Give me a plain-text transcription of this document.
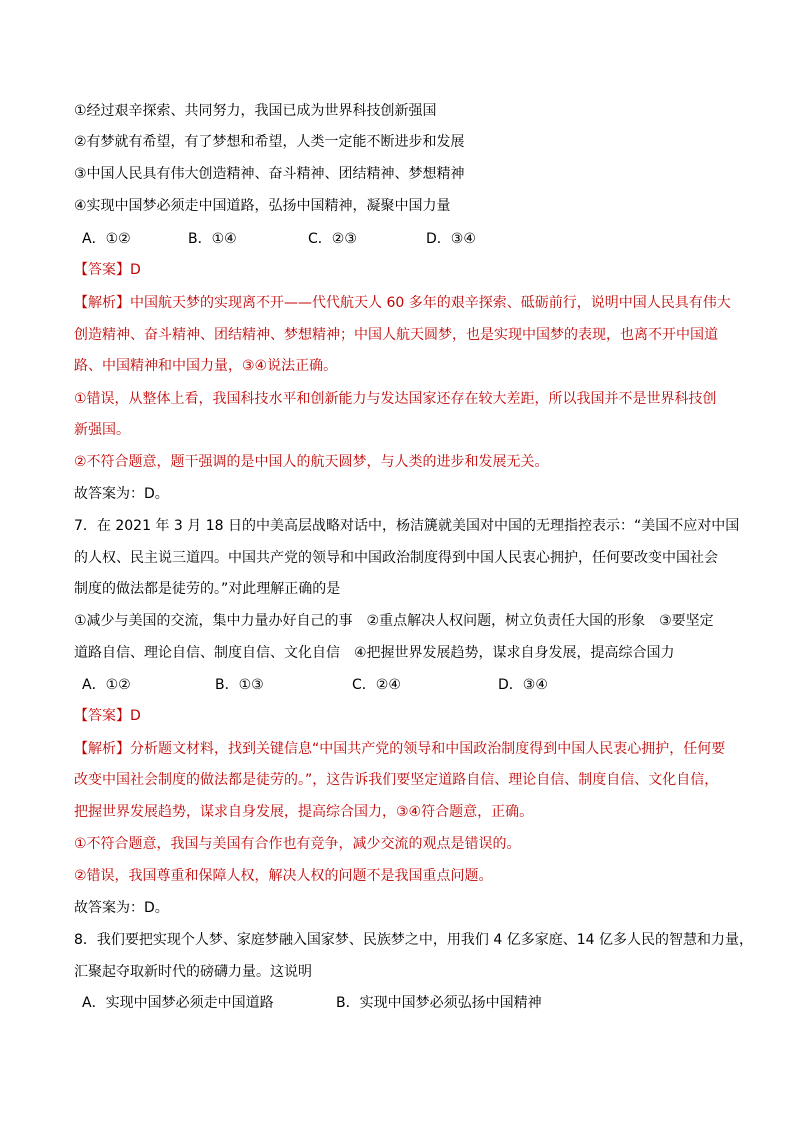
①经过艰辛探索、共同努力，我国已成为世界科技创新强国
②有梦就有希望，有了梦想和希望，人类一定能不断进步和发展
③中国人民具有伟大创造精神、奋斗精神、团结精神、梦想精神
④实现中国梦必须走中国道路，弘扬中国精神，凝聚中国力量
A．①②	B．①④	C．②③	D．③④
【答案】D
【解析】中国航天梦的实现离不开——代代航天人 60 多年的艰辛探索、砥砺前行，说明中国人民具有伟大
创造精神、奋斗精神、团结精神、梦想精神；中国人航天圆梦，也是实现中国梦的表现，也离不开中国道
路、中国精神和中国力量，③④说法正确。
①错误，从整体上看，我国科技水平和创新能力与发达国家还存在较大差距，所以我国并不是世界科技创
新强国。
②不符合题意，题干强调的是中国人的航天圆梦，与人类的进步和发展无关。
故答案为：D。
7．在 2021 年 3 月 18 日的中美高层战略对话中，杨洁篪就美国对中国的无理指控表示：“美国不应对中国
的人权、民主说三道四。中国共产党的领导和中国政治制度得到中国人民衷心拥护，任何要改变中国社会
制度的做法都是徒劳的。”对此理解正确的是
①减少与美国的交流，集中力量办好自己的事　②重点解决人权问题，树立负责任大国的形象　③要坚定
道路自信、理论自信、制度自信、文化自信　④把握世界发展趋势，谋求自身发展，提高综合国力
A．①②	B．①③	C．②④	D．③④
【答案】D
【解析】分析题文材料，找到关键信息“中国共产党的领导和中国政治制度得到中国人民衷心拥护，任何要
改变中国社会制度的做法都是徒劳的。”，这告诉我们要坚定道路自信、理论自信、制度自信、文化自信，
把握世界发展趋势，谋求自身发展，提高综合国力，③④符合题意，正确。
①不符合题意，我国与美国有合作也有竞争，减少交流的观点是错误的。
②错误，我国尊重和保障人权，解决人权的问题不是我国重点问题。
故答案为：D。
8．我们要把实现个人梦、家庭梦融入国家梦、民族梦之中，用我们 4 亿多家庭、14 亿多人民的智慧和力量，
汇聚起夺取新时代的磅礴力量。这说明
A．实现中国梦必须走中国道路	B．实现中国梦必须弘扬中国精神
